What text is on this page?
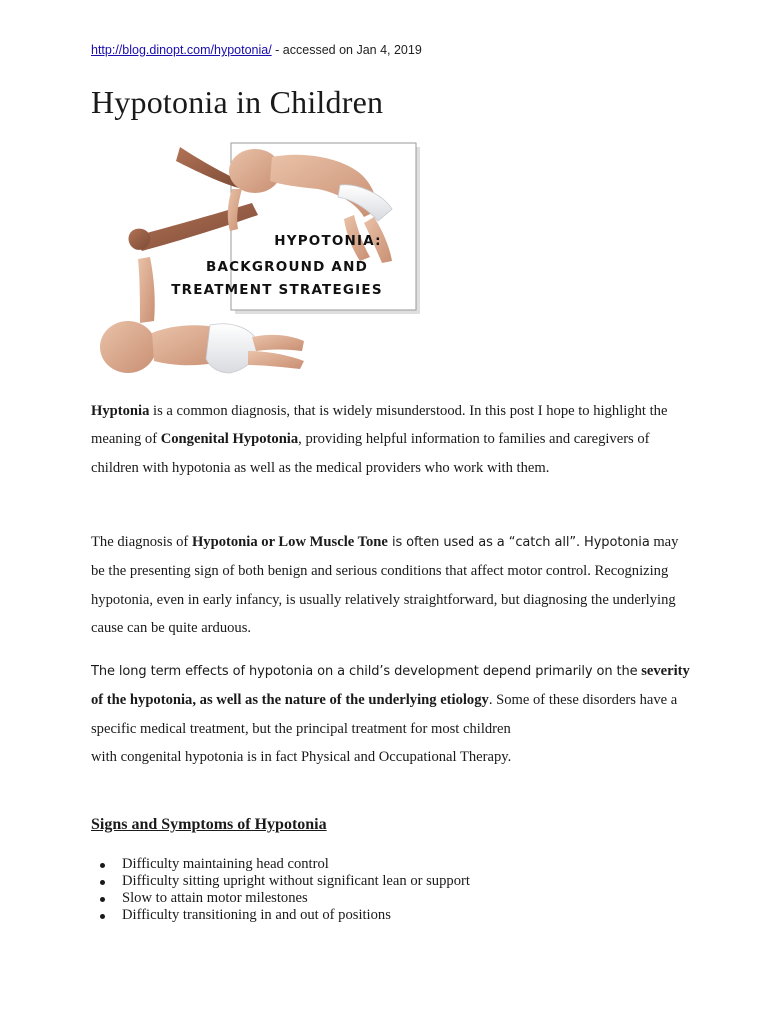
http://blog.dinopt.com/hypotonia/ - accessed on Jan 4, 2019
Hypotonia in Children
HYPOTONIA:
BACKGROUND AND
TREATMENT STRATEGIES

Hyptonia is a common diagnosis, that is widely misunderstood. In this post I hope to highlight the meaning of Congenital Hypotonia, providing helpful information to families and caregivers of children with hypotonia as well as the medical providers who work with them.

The diagnosis of Hypotonia or Low Muscle Tone is often used as a “catch all”. Hypotonia may be the presenting sign of both benign and serious conditions that affect motor control. Recognizing hypotonia, even in early infancy, is usually relatively straightforward, but diagnosing the underlying cause can be quite arduous.

The long term effects of hypotonia on a child’s development depend primarily on the severity of the hypotonia, as well as the nature of the underlying etiology. Some of these disorders have a specific medical treatment, but the principal treatment for most children
with congenital hypotonia is in fact Physical and Occupational Therapy.

Signs and Symptoms of Hypotonia
Difficulty maintaining head control
Difficulty sitting upright without significant lean or support
Slow to attain motor milestones
Difficulty transitioning in and out of positions
